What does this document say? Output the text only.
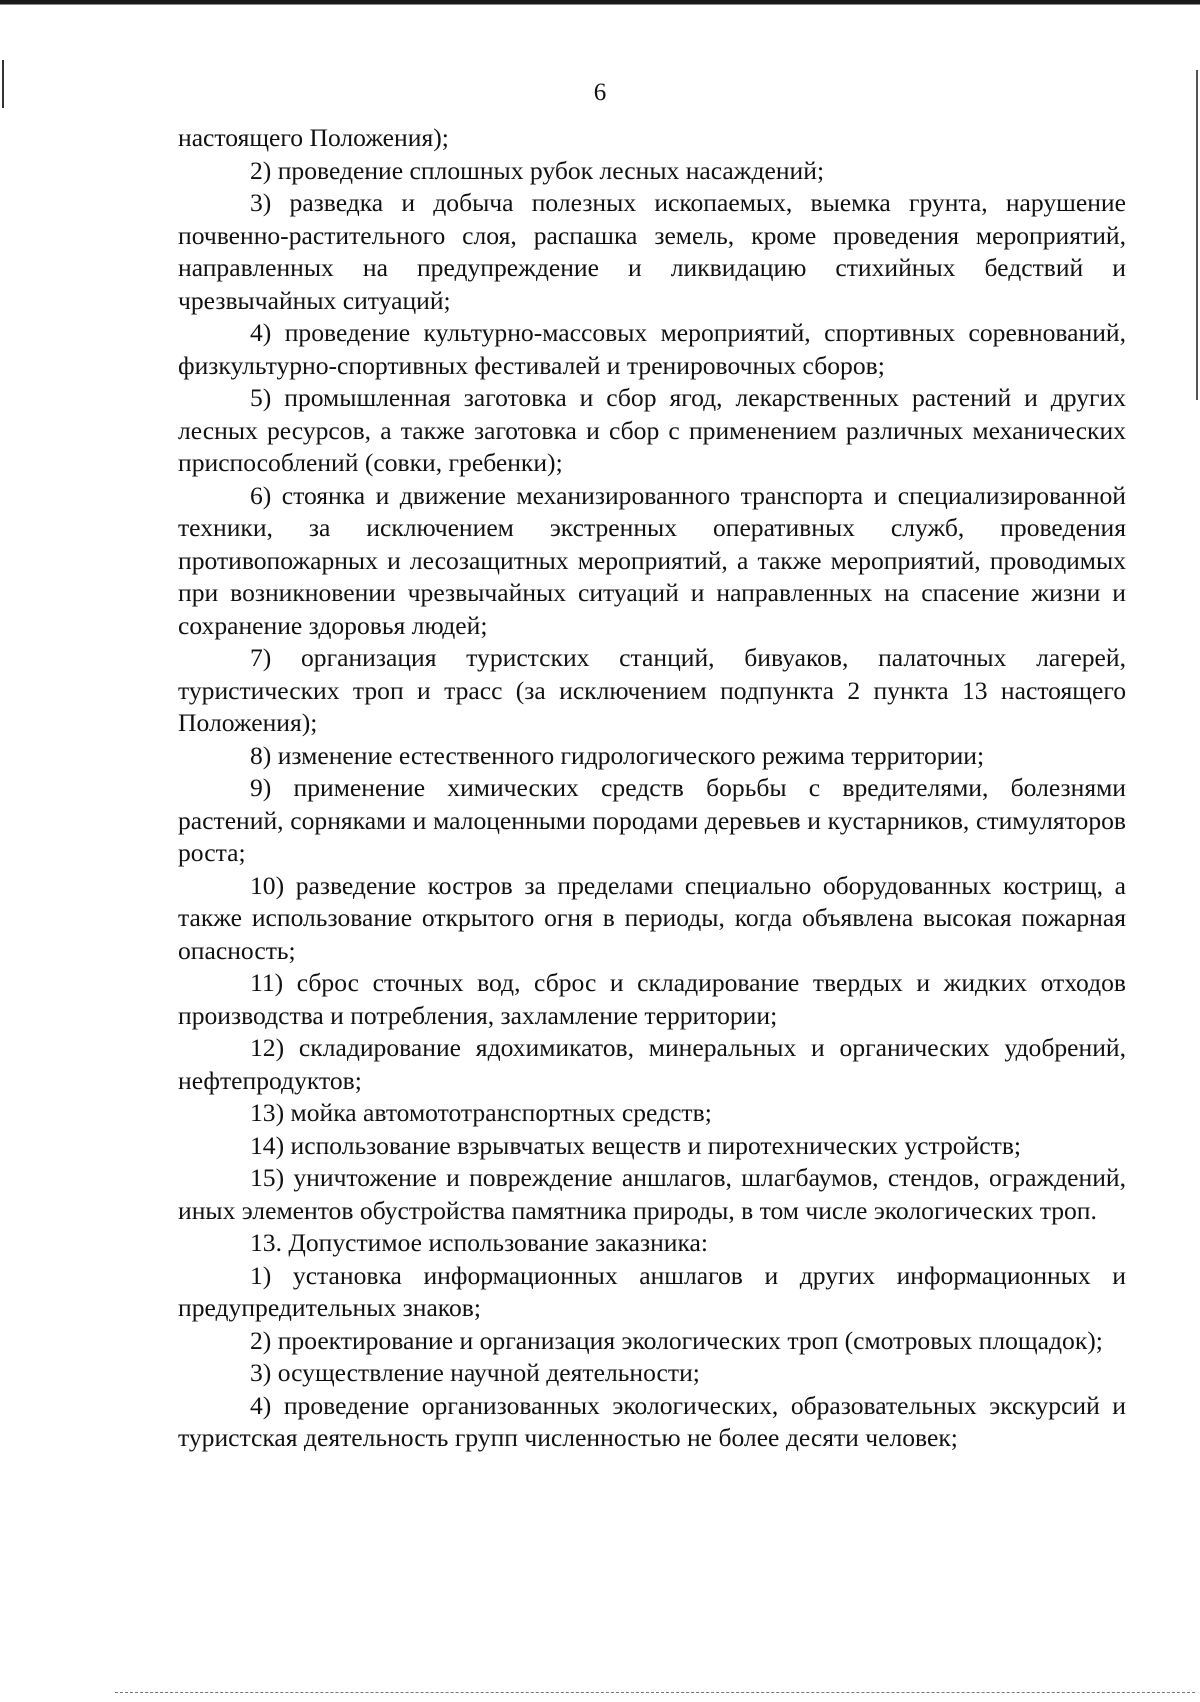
6

настоящего Положения);

2) проведение сплошных рубок лесных насаждений;

3) разведка и добыча полезных ископаемых, выемка грунта, нарушение почвенно-растительного слоя, распашка земель, кроме проведения мероприятий, направленных на предупреждение и ликвидацию стихийных бедствий и чрезвычайных ситуаций;

4) проведение культурно-массовых мероприятий, спортивных соревнований, физкультурно-спортивных фестивалей и тренировочных сборов;

5) промышленная заготовка и сбор ягод, лекарственных растений и других лесных ресурсов, а также заготовка и сбор с применением различных механических приспособлений (совки, гребенки);

6) стоянка и движение механизированного транспорта и специализированной техники, за исключением экстренных оперативных служб, проведения противопожарных и лесозащитных мероприятий, а также мероприятий, проводимых при возникновении чрезвычайных ситуаций и направленных на спасение жизни и сохранение здоровья людей;

7) организация туристских станций, бивуаков, палаточных лагерей, туристических троп и трасс (за исключением подпункта 2 пункта 13 настоящего Положения);

8) изменение естественного гидрологического режима территории;

9) применение химических средств борьбы с вредителями, болезнями растений, сорняками и малоценными породами деревьев и кустарников, стимуляторов роста;

10) разведение костров за пределами специально оборудованных кострищ, а также использование открытого огня в периоды, когда объявлена высокая пожарная опасность;

11) сброс сточных вод, сброс и складирование твердых и жидких отходов производства и потребления, захламление территории;

12) складирование ядохимикатов, минеральных и органических удобрений, нефтепродуктов;

13) мойка автомототранспортных средств;

14) использование взрывчатых веществ и пиротехнических устройств;

15) уничтожение и повреждение аншлагов, шлагбаумов, стендов, ограждений, иных элементов обустройства памятника природы, в том числе экологических троп.

13. Допустимое использование заказника:

1) установка информационных аншлагов и других информационных и предупредительных знаков;

2) проектирование и организация экологических троп (смотровых площадок);

3) осуществление научной деятельности;

4) проведение организованных экологических, образовательных экскурсий и туристская деятельность групп численностью не более десяти человек;
